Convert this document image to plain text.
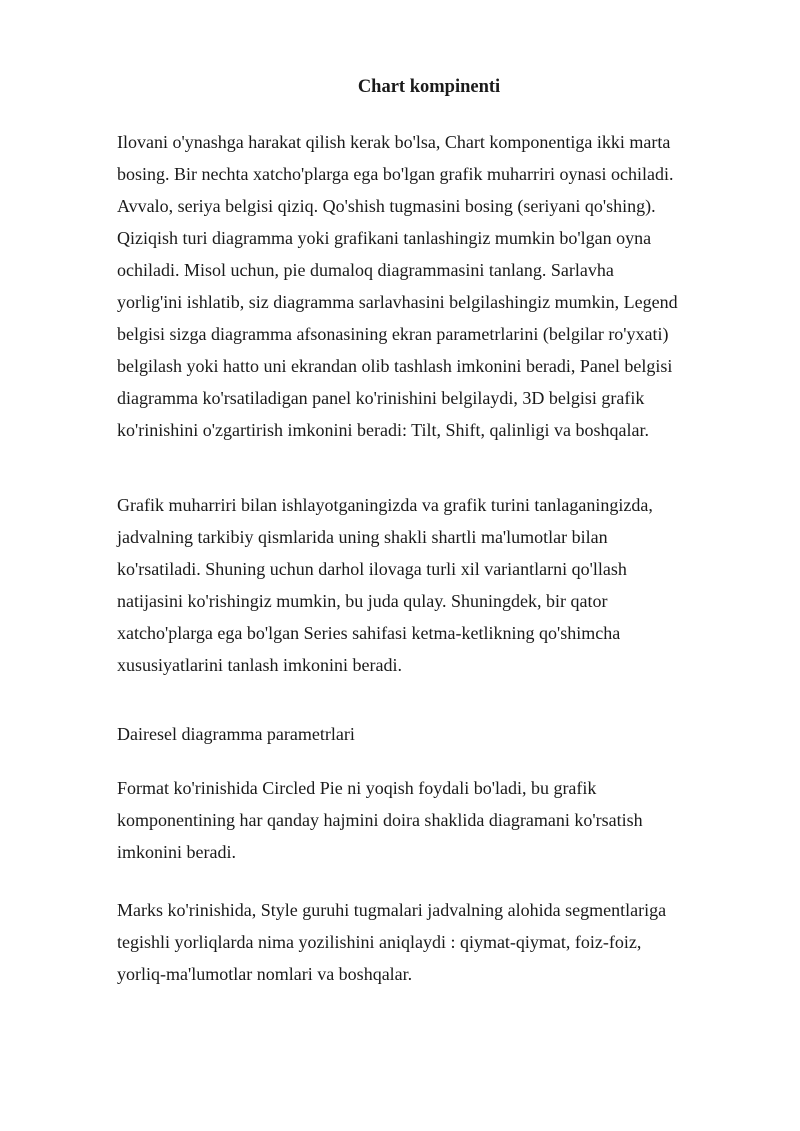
Chart kompinenti
Ilovani o'ynashga harakat qilish kerak bo'lsa, Chart komponentiga ikki marta
bosing. Bir nechta xatcho'plarga ega bo'lgan grafik muharriri oynasi ochiladi.
Avvalo, seriya belgisi qiziq. Qo'shish tugmasini bosing (seriyani qo'shing).
Qiziqish turi diagramma yoki grafikani tanlashingiz mumkin bo'lgan oyna
ochiladi. Misol uchun, pie dumaloq diagrammasini tanlang. Sarlavha
yorlig'ini ishlatib, siz diagramma sarlavhasini belgilashingiz mumkin, Legend
belgisi sizga diagramma afsonasining ekran parametrlarini (belgilar ro'yxati)
belgilash yoki hatto uni ekrandan olib tashlash imkonini beradi, Panel belgisi
diagramma ko'rsatiladigan panel ko'rinishini belgilaydi, 3D belgisi grafik
ko'rinishini o'zgartirish imkonini beradi: Tilt, Shift, qalinligi va boshqalar.
Grafik muharriri bilan ishlayotganingizda va grafik turini tanlaganingizda,
jadvalning tarkibiy qismlarida uning shakli shartli ma'lumotlar bilan
ko'rsatiladi. Shuning uchun darhol ilovaga turli xil variantlarni qo'llash
natijasini ko'rishingiz mumkin, bu juda qulay. Shuningdek, bir qator
xatcho'plarga ega bo'lgan Series sahifasi ketma-ketlikning qo'shimcha
xususiyatlarini tanlash imkonini beradi.
Dairesel diagramma parametrlari
Format ko'rinishida Circled Pie ni yoqish foydali bo'ladi, bu grafik
komponentining har qanday hajmini doira shaklida diagramani ko'rsatish
imkonini beradi.
Marks ko'rinishida, Style guruhi tugmalari jadvalning alohida segmentlariga
tegishli yorliqlarda nima yozilishini aniqlaydi : qiymat-qiymat, foiz-foiz,
yorliq-ma'lumotlar nomlari va boshqalar.
